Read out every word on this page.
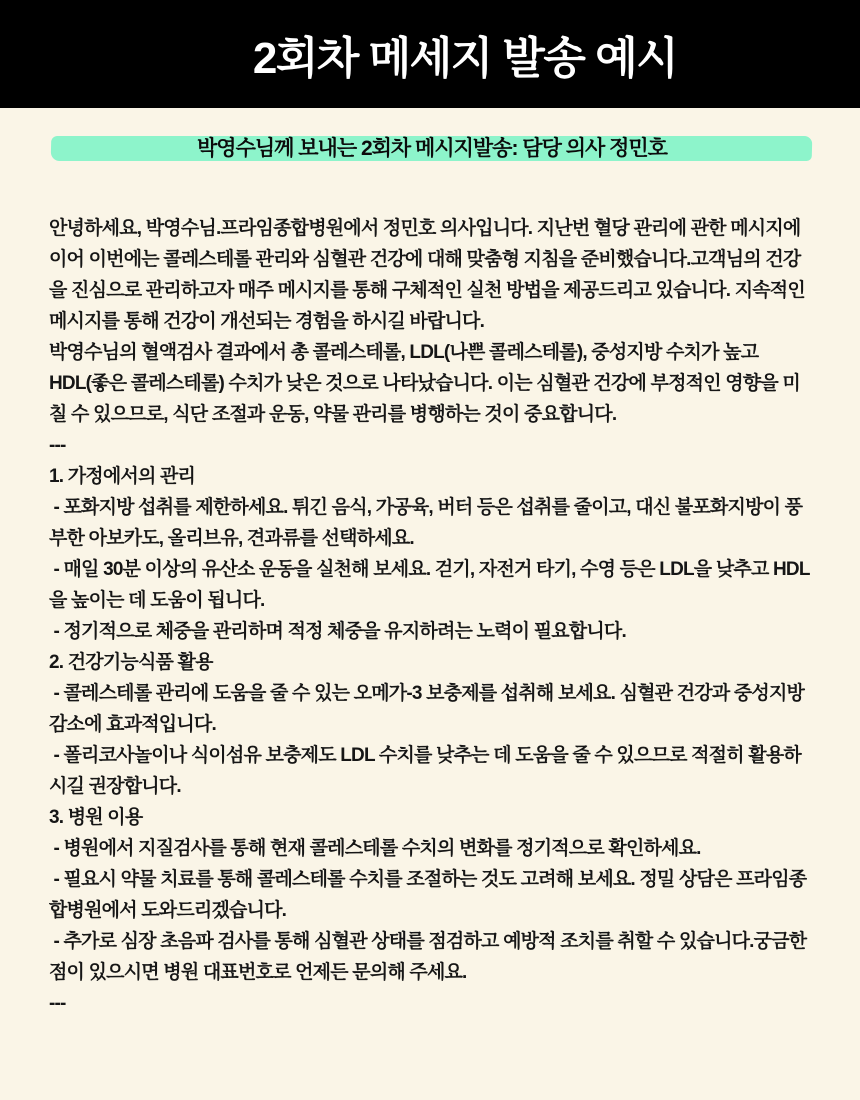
2회차 메세지 발송 예시
박영수님께 보내는 2회차 메시지발송: 담당 의사 정민호

안녕하세요, 박영수님.프라임종합병원에서 정민호 의사입니다. 지난번 혈당 관리에 관한 메시지에 이어 이번에는 콜레스테롤 관리와 심혈관 건강에 대해 맞춤형 지침을 준비했습니다.고객님의 건강을 진심으로 관리하고자 매주 메시지를 통해 구체적인 실천 방법을 제공드리고 있습니다. 지속적인 메시지를 통해 건강이 개선되는 경험을 하시길 바랍니다.

박영수님의 혈액검사 결과에서 총 콜레스테롤, LDL(나쁜 콜레스테롤), 중성지방 수치가 높고 HDL(좋은 콜레스테롤) 수치가 낮은 것으로 나타났습니다. 이는 심혈관 건강에 부정적인 영향을 미칠 수 있으므로, 식단 조절과 운동, 약물 관리를 병행하는 것이 중요합니다.

---

1. 가정에서의 관리

- 포화지방 섭취를 제한하세요. 튀긴 음식, 가공육, 버터 등은 섭취를 줄이고, 대신 불포화지방이 풍부한 아보카도, 올리브유, 견과류를 선택하세요.

- 매일 30분 이상의 유산소 운동을 실천해 보세요. 걷기, 자전거 타기, 수영 등은 LDL을 낮추고 HDL을 높이는 데 도움이 됩니다.

- 정기적으로 체중을 관리하며 적정 체중을 유지하려는 노력이 필요합니다.

2. 건강기능식품 활용

- 콜레스테롤 관리에 도움을 줄 수 있는 오메가-3 보충제를 섭취해 보세요. 심혈관 건강과 중성지방 감소에 효과적입니다.

- 폴리코사놀이나 식이섬유 보충제도 LDL 수치를 낮추는 데 도움을 줄 수 있으므로 적절히 활용하시길 권장합니다.

3. 병원 이용

- 병원에서 지질검사를 통해 현재 콜레스테롤 수치의 변화를 정기적으로 확인하세요.

- 필요시 약물 치료를 통해 콜레스테롤 수치를 조절하는 것도 고려해 보세요. 정밀 상담은 프라임종합병원에서 도와드리겠습니다.

- 추가로 심장 초음파 검사를 통해 심혈관 상태를 점검하고 예방적 조치를 취할 수 있습니다.궁금한점이 있으시면 병원 대표번호로 언제든 문의해 주세요.

---
